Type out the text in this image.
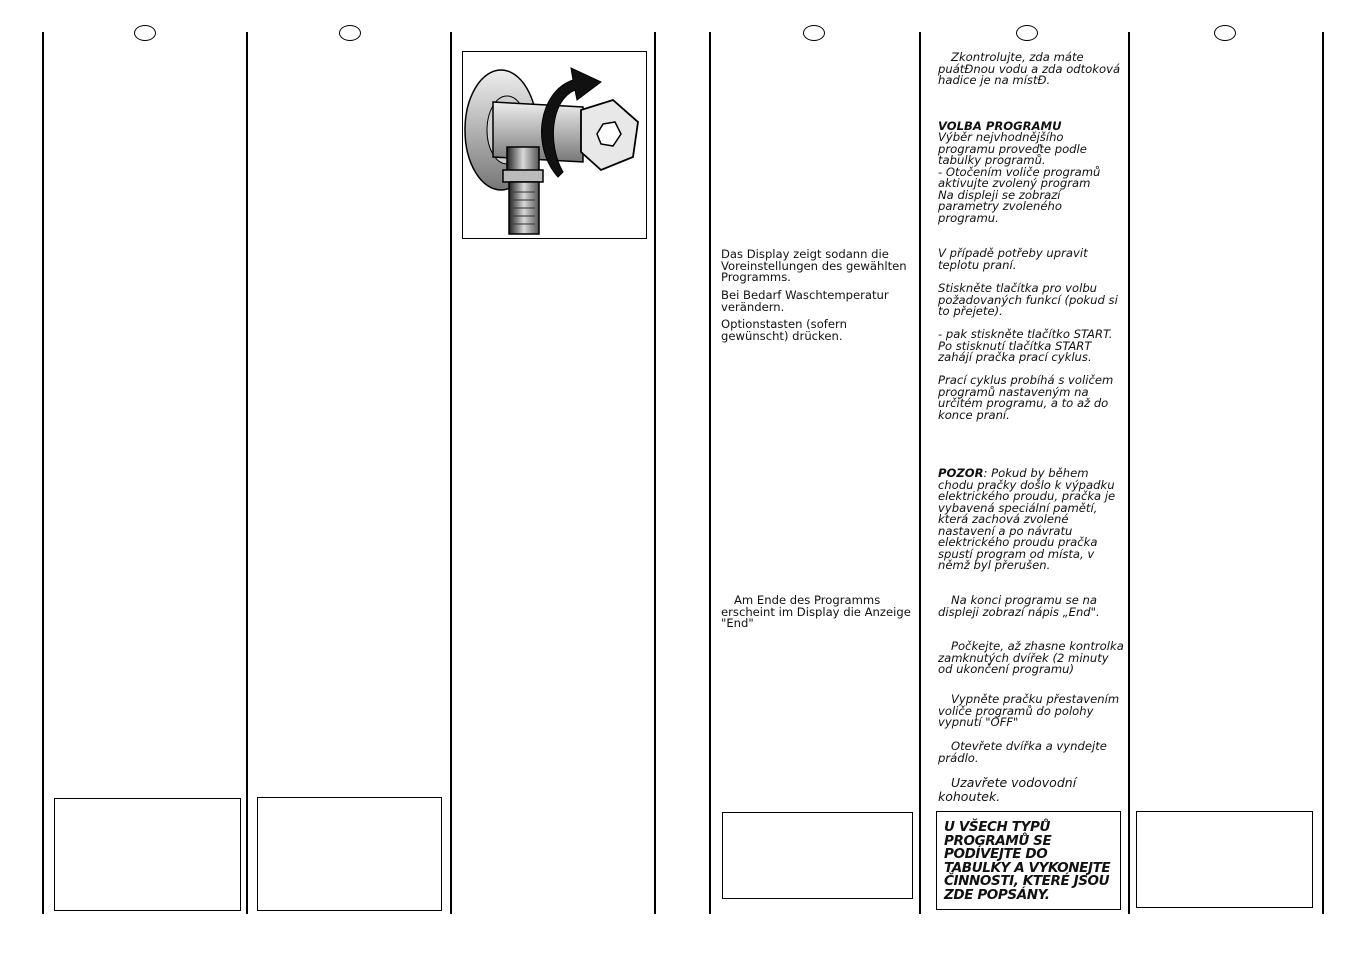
Das Display zeigt sodann die Voreinstellungen des gewählten Programms.

Bei Bedarf Waschtemperatur verändern.

Optionstasten (sofern gewünscht) drücken.

Am Ende des Programms erscheint im Display die Anzeige "End"

Zkontrolujte, zda máte puátÐnou vodu a zda odtoková hadice je na místÐ.

VOLBA PROGRAMU

Výběr nejvhodnějšího programu proveďte podle tabulky programů.
- Otočením voliče programů aktivujte zvolený program
Na displeji se zobrazí parametry zvoleného programu.

V případě potřeby upravit teplotu praní.

Stiskněte tlačítka pro volbu požadovaných funkcí (pokud si to přejete).

- pak stiskněte tlačítko START. Po stisknutí tlačítka START zahájí pračka prací cyklus.

Prací cyklus probíhá s voličem programů nastaveným na určitém programu, a to až do konce praní.

POZOR: Pokud by během chodu pračky došlo k výpadku elektrického proudu, pračka je vybavená speciální pamětí, která zachová zvolené nastavení a po návratu elektrického proudu pračka spustí program od místa, v němž byl přerušen.

Na konci programu se na displeji zobrazí nápis „End".

Počkejte, až zhasne kontrolka zamknutých dvířek (2 minuty od ukončení programu)

Vypněte pračku přestavením voliče programů do polohy vypnutí "OFF"

Otevřete dvířka a vyndejte prádlo.

Uzavřete vodovodní kohoutek.

U VŠECH TYPŮ PROGRAMŮ SE PODÍVEJTE DO TABULKY A VYKONEJTE ČINNOSTI, KTERÉ JSOU ZDE POPSÁNY.
